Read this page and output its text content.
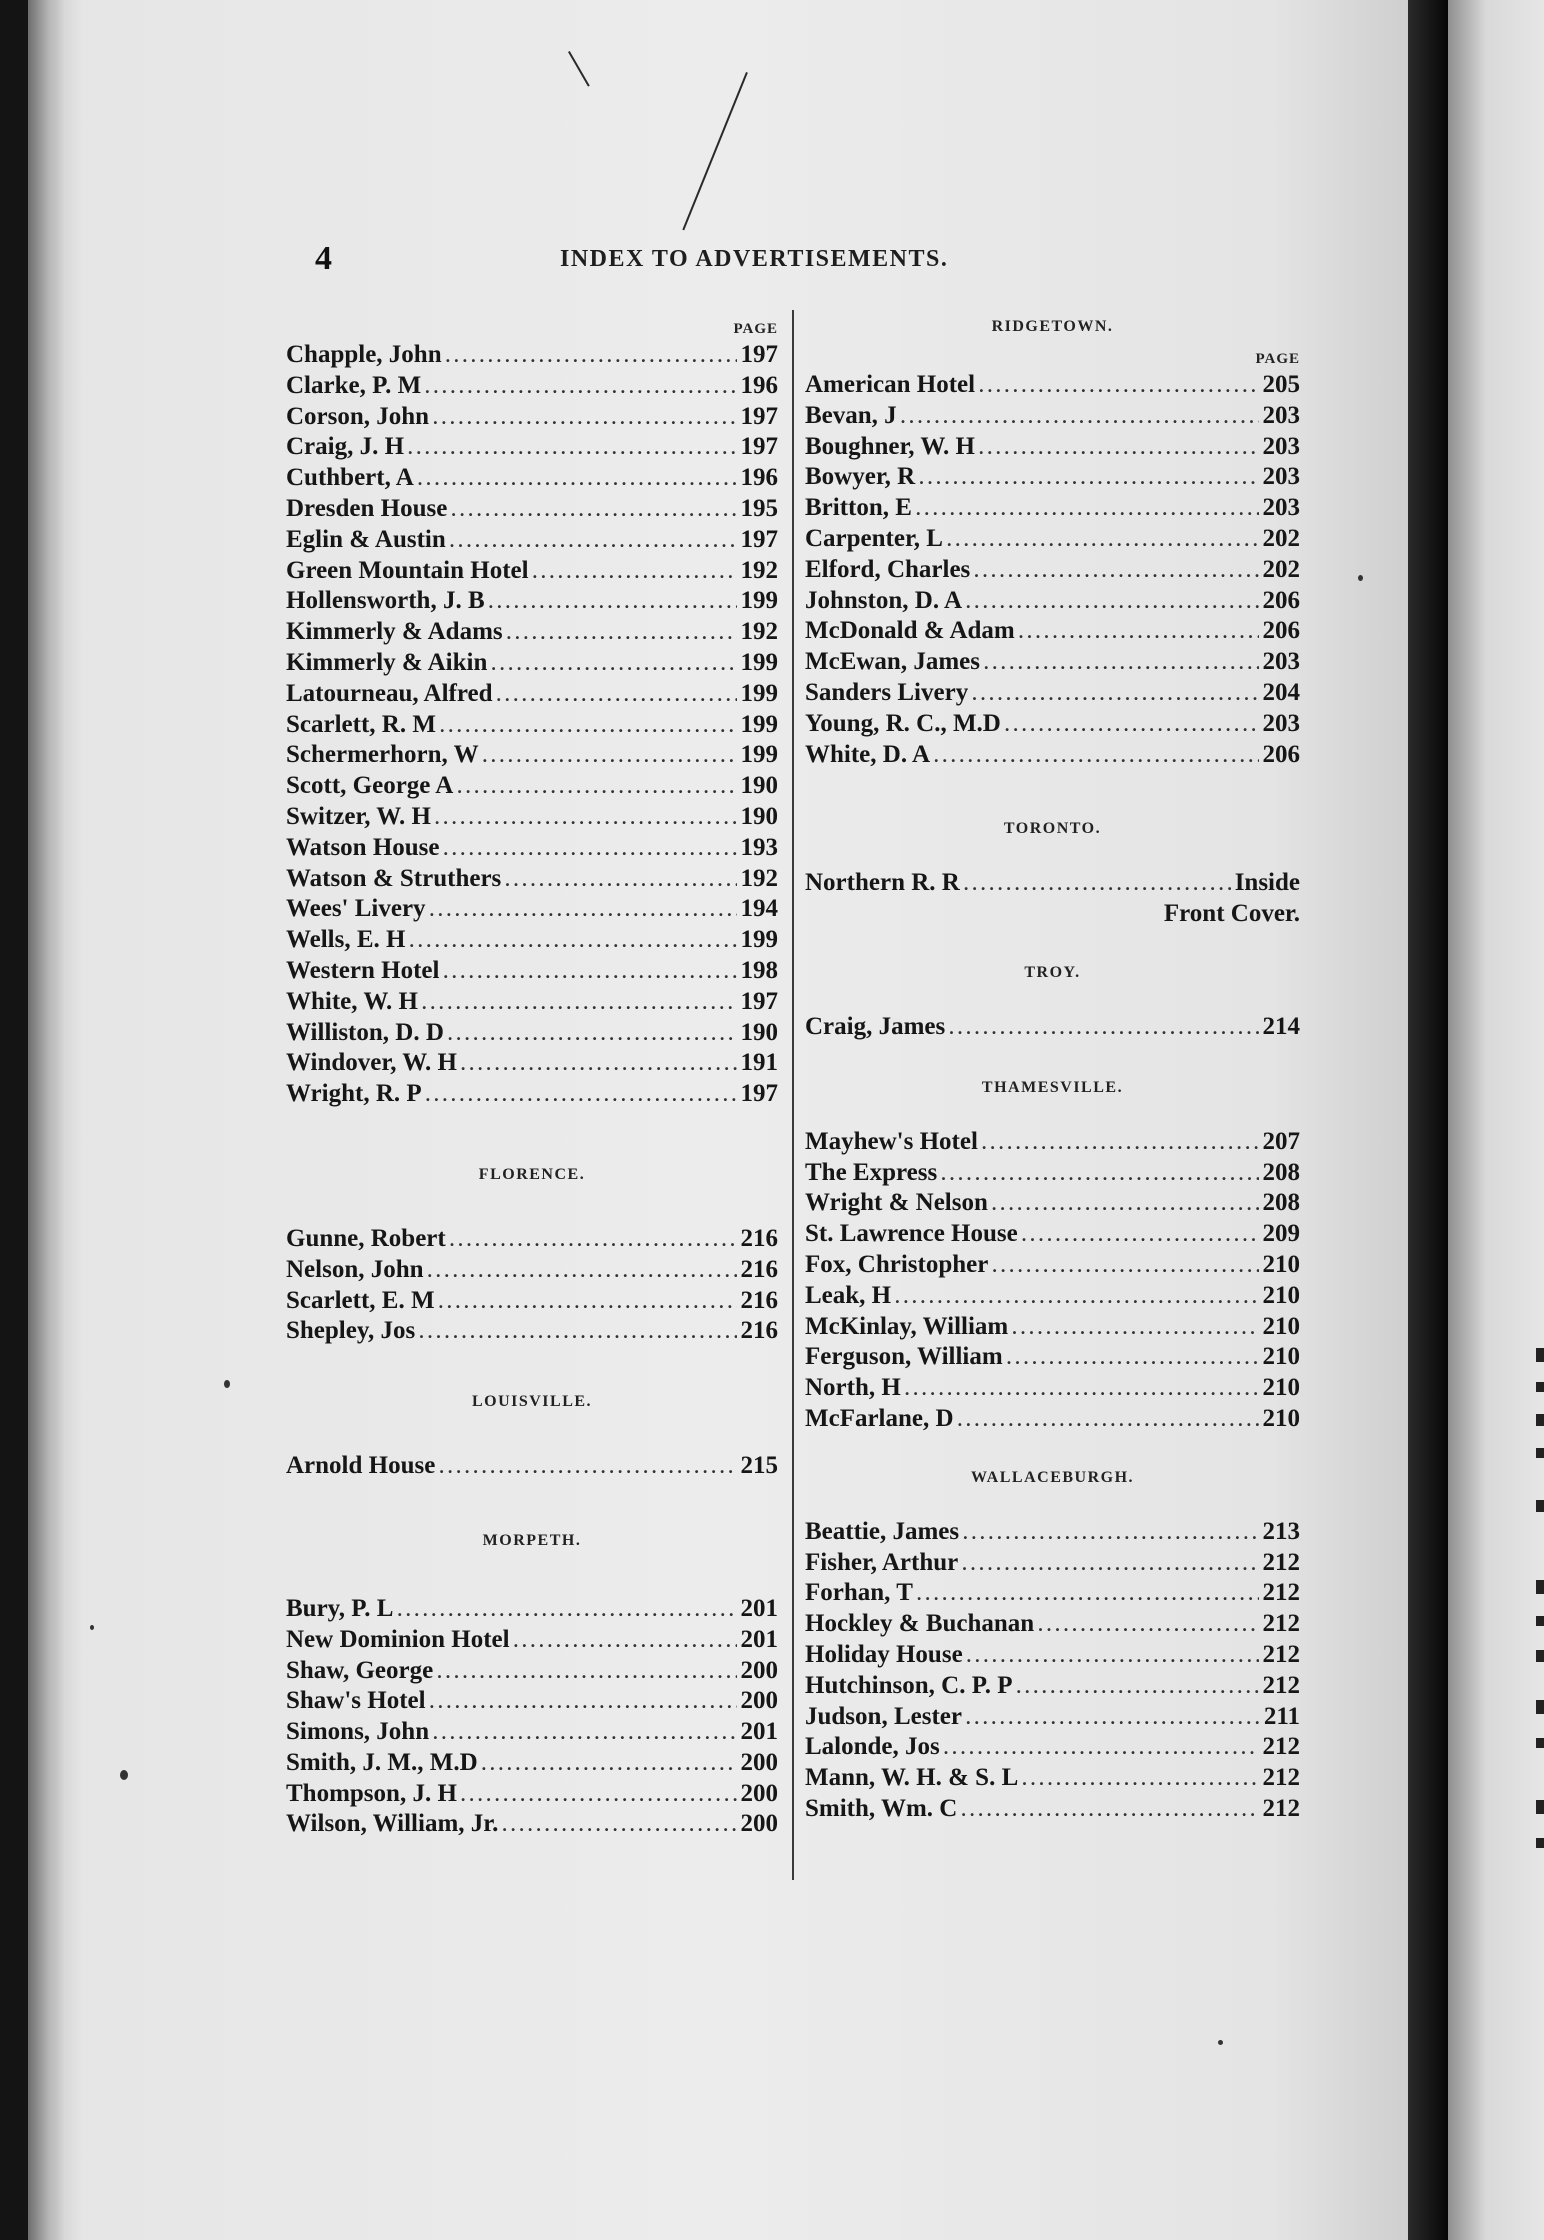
4	INDEX TO ADVERTISEMENTS.
PAGE
Chapple, John .....	197
Clarke, P. M .....	196
Corson, John .....	197
Craig, J. H .....	197
Cuthbert, A .....	196
Dresden House .....	195
Eglin & Austin .....	197
Green Mountain Hotel .....	192
Hollensworth, J. B .....	199
Kimmerly & Adams .....	192
Kimmerly & Aikin .....	199
Latourneau, Alfred .....	199
Scarlett, R. M .....	199
Schermerhorn, W .....	199
Scott, George A .....	190
Switzer, W. H .....	190
Watson House .....	193
Watson & Struthers .....	192
Wees' Livery .....	194
Wells, E. H .....	199
Western Hotel .....	198
White, W. H .....	197
Williston, D. D .....	190
Windover, W. H .....	191
Wright, R. P .....	197
FLORENCE.
Gunne, Robert .....	216
Nelson, John .....	216
Scarlett, E. M .....	216
Shepley, Jos .....	216
LOUISVILLE.
Arnold House .....	215
MORPETH.
Bury, P. L .....	201
New Dominion Hotel .....	201
Shaw, George .....	200
Shaw's Hotel .....	200
Simons, John .....	201
Smith, J. M., M.D .....	200
Thompson, J. H .....	200
Wilson, William, Jr. .....	200
RIDGETOWN.
PAGE
American Hotel .....	205
Bevan, J .....	203
Boughner, W. H .....	203
Bowyer, R .....	203
Britton, E .....	203
Carpenter, L .....	202
Elford, Charles .....	202
Johnston, D. A .....	206
McDonald & Adam .....	206
McEwan, James .....	203
Sanders Livery .....	204
Young, R. C., M.D .....	203
White, D. A .....	206
TORONTO.
Northern R. R .....	Inside
Front Cover.
TROY.
Craig, James .....	214
THAMESVILLE.
Mayhew's Hotel .....	207
The Express .....	208
Wright & Nelson .....	208
St. Lawrence House .....	209
Fox, Christopher .....	210
Leak, H .....	210
McKinlay, William .....	210
Ferguson, William .....	210
North, H .....	210
McFarlane, D .....	210
WALLACEBURGH.
Beattie, James .....	213
Fisher, Arthur .....	212
Forhan, T .....	212
Hockley & Buchanan .....	212
Holiday House .....	212
Hutchinson, C. P. P .....	212
Judson, Lester .....	211
Lalonde, Jos .....	212
Mann, W. H. & S. L .....	212
Smith, Wm. C .....	212
